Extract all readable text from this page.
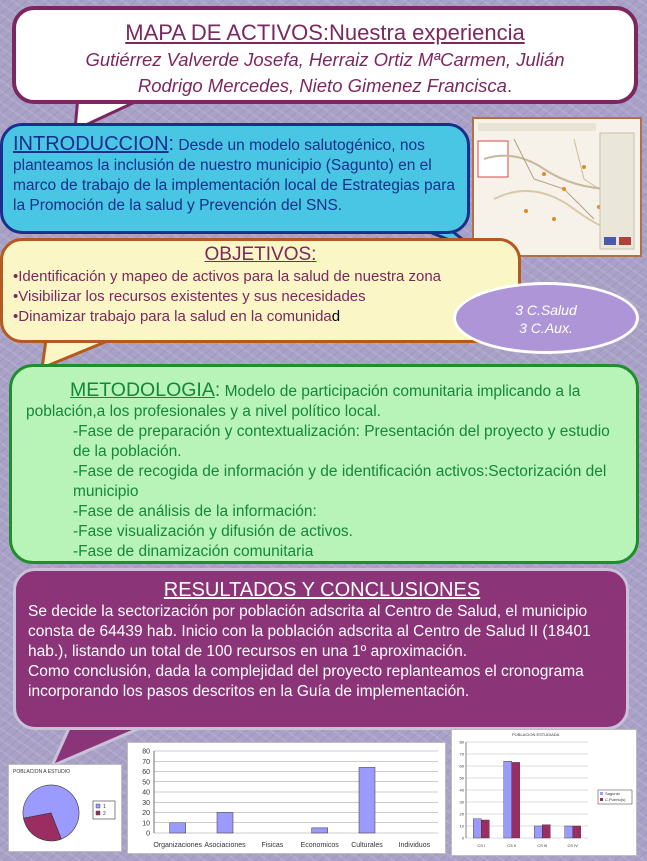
MAPA DE ACTIVOS:Nuestra experiencia
Gutiérrez Valverde Josefa, Herraiz Ortiz MªCarmen, Julián
Rodrigo Mercedes, Nieto Gimenez Francisca.
INTRODUCCION: Desde un modelo salutogénico, nos planteamos la inclusión de nuestro municipio (Sagunto) en el marco de trabajo de la implementación local de Estrategias para la Promoción de la salud y Prevención del SNS.
OBJETIVOS:
•Identificación y mapeo de activos para la salud de nuestra zona
•Visibilizar los recursos existentes y sus necesidades
•Dinamizar trabajo para la salud en la comunidad	3 C.Salud
3 C.Aux.
METODOLOGIA: Modelo de participación comunitaria implicando a la población,a los profesionales y a nivel político local.
-Fase de preparación y contextualización: Presentación del proyecto y estudio de la población.
-Fase de recogida de información y de identificación activos:Sectorización del municipio
-Fase de análisis de la información:
-Fase visualización y difusión de activos.
-Fase de dinamización comunitaria
RESULTADOS Y CONCLUSIONES
Se decide la sectorización por población adscrita al Centro de Salud, el municipio consta de 64439 hab. Inicio con la población adscrita al Centro de Salud II (18401 hab.), listando un total de 100 recursos en una 1º aproximación.
Como conclusión, dada la complejidad del proyecto replanteamos el cronograma incorporando los pasos descritos en la Guía de implementación.
POBLACION A ESTUDIO
1
2
0
10
20
30
40
50
60
70
80
Organizaciones Asociaciones Fisicas Economicos Culturales Individuos
POBLACION ESTUDIADA
0
10
20
30
40
50
60
70
80
CS I	CS II	CS III	CS IV
Sagunto
C.Puerto(s)
